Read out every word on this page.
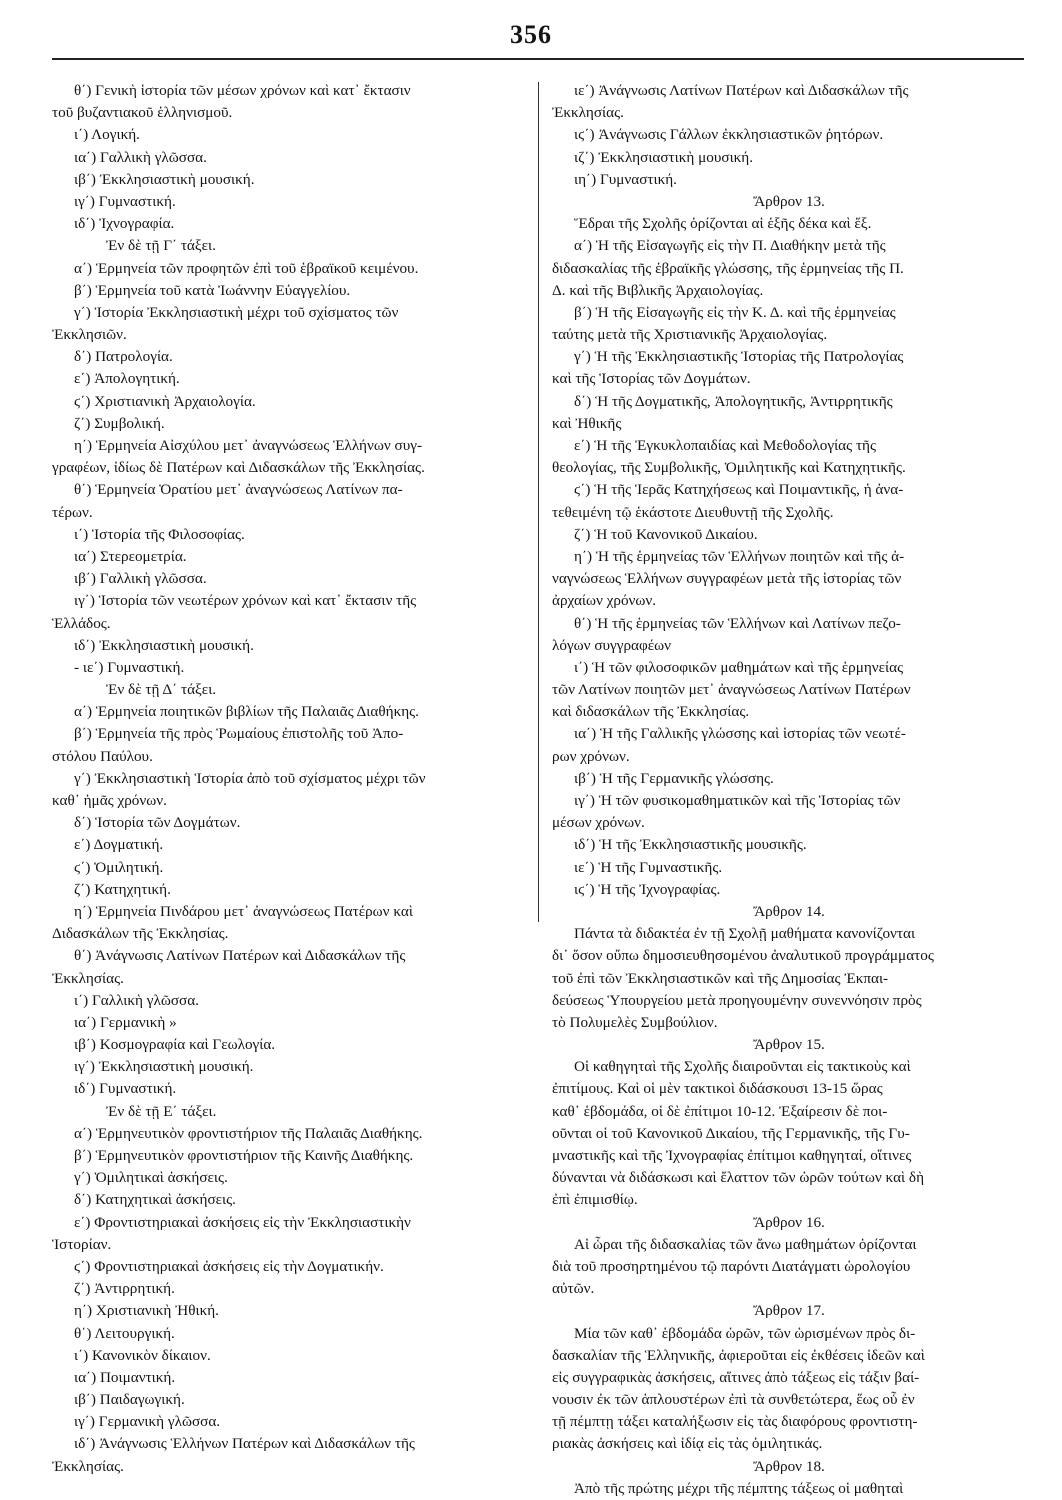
356
θ΄) Γενικὴ ἱστορία τῶν μέσων χρόνων καὶ κατ᾽ ἔκτασιν
τοῦ βυζαντιακοῦ ἑλληνισμοῦ.
ι΄) Λογική.
ια΄) Γαλλικὴ γλῶσσα.
ιβ΄) Ἐκκλησιαστικὴ μουσική.
ιγ΄) Γυμναστική.
ιδ΄) Ἰχνογραφία.
Ἐν δὲ τῇ Γ΄ τάξει.
α΄) Ἑρμηνεία τῶν προφητῶν ἐπὶ τοῦ ἑβραϊκοῦ κειμένου.
β΄) Ἑρμηνεία τοῦ κατὰ Ἰωάννην Εὐαγγελίου.
γ΄) Ἱστορία Ἐκκλησιαστικὴ μέχρι τοῦ σχίσματος τῶν
Ἐκκλησιῶν.
δ΄) Πατρολογία.
ε΄) Ἀπολογητική.
ϛ΄) Χριστιανικὴ Ἀρχαιολογία.
ζ΄) Συμβολική.
η΄) Ἑρμηνεία Αἰσχύλου μετ᾽ ἀναγνώσεως Ἑλλήνων συγ-
γραφέων, ἰδίως δὲ Πατέρων καὶ Διδασκάλων τῆς Ἐκκλησίας.
θ΄) Ἑρμηνεία Ὁρατίου μετ᾽ ἀναγνώσεως Λατίνων πα-
τέρων.
ι΄) Ἱστορία τῆς Φιλοσοφίας.
ια΄) Στερεομετρία.
ιβ΄) Γαλλικὴ γλῶσσα.
ιγ΄) Ἱστορία τῶν νεωτέρων χρόνων καὶ κατ᾽ ἔκτασιν τῆς
Ἑλλάδος.
ιδ΄) Ἐκκλησιαστικὴ μουσική.
- ιε΄) Γυμναστική.
Ἐν δὲ τῇ Δ΄ τάξει.
α΄) Ἑρμηνεία ποιητικῶν βιβλίων τῆς Παλαιᾶς Διαθήκης.
β΄) Ἑρμηνεία τῆς πρὸς Ῥωμαίους ἐπιστολῆς τοῦ Ἀπο-
στόλου Παύλου.
γ΄) Ἐκκλησιαστικὴ Ἱστορία ἀπὸ τοῦ σχίσματος μέχρι τῶν
καθ᾽ ἡμᾶς χρόνων.
δ΄) Ἱστορία τῶν Δογμάτων.
ε΄) Δογματική.
ϛ΄) Ὁμιλητική.
ζ΄) Κατηχητική.
η΄) Ἑρμηνεία Πινδάρου μετ᾽ ἀναγνώσεως Πατέρων καὶ
Διδασκάλων τῆς Ἐκκλησίας.
θ΄) Ἀνάγνωσις Λατίνων Πατέρων καὶ Διδασκάλων τῆς
Ἐκκλησίας.
ι΄) Γαλλικὴ γλῶσσα.
ια΄) Γερμανικὴ »
ιβ΄) Κοσμογραφία καὶ Γεωλογία.
ιγ΄) Ἐκκλησιαστικὴ μουσική.
ιδ΄) Γυμναστική.
Ἐν δὲ τῇ Ε΄ τάξει.
α΄) Ἑρμηνευτικὸν φροντιστήριον τῆς Παλαιᾶς Διαθήκης.
β΄) Ἑρμηνευτικὸν φροντιστήριον τῆς Καινῆς Διαθήκης.
γ΄) Ὁμιλητικαὶ ἀσκήσεις.
δ΄) Κατηχητικαὶ ἀσκήσεις.
ε΄) Φροντιστηριακαὶ ἀσκήσεις εἰς τὴν Ἐκκλησιαστικὴν
Ἱστορίαν.
ϛ΄) Φροντιστηριακαὶ ἀσκήσεις εἰς τὴν Δογματικήν.
ζ΄) Ἀντιρρητική.
η΄) Χριστιανικὴ Ἠθική.
θ΄) Λειτουργική.
ι΄) Κανονικὸν δίκαιον.
ια΄) Ποιμαντική.
ιβ΄) Παιδαγωγική.
ιγ΄) Γερμανικὴ γλῶσσα.
ιδ΄) Ἀνάγνωσις Ἑλλήνων Πατέρων καὶ Διδασκάλων τῆς
Ἐκκλησίας.
ιε΄) Ἀνάγνωσις Λατίνων Πατέρων καὶ Διδασκάλων τῆς
Ἐκκλησίας.
ιϛ΄) Ἀνάγνωσις Γάλλων ἐκκλησιαστικῶν ῥητόρων.
ιζ΄) Ἐκκλησιαστικὴ μουσική.
ιη΄) Γυμναστική.
Ἄρθρον 13.
Ἕδραι τῆς Σχολῆς ὁρίζονται αἱ ἑξῆς δέκα καὶ ἕξ.
α΄) Ἡ τῆς Εἰσαγωγῆς εἰς τὴν Π. Διαθήκην μετὰ τῆς
διδασκαλίας τῆς ἑβραϊκῆς γλώσσης, τῆς ἑρμηνείας τῆς Π.
Δ. καὶ τῆς Βιβλικῆς Ἀρχαιολογίας.
β΄) Ἡ τῆς Εἰσαγωγῆς εἰς τὴν Κ. Δ. καὶ τῆς ἑρμηνείας
ταύτης μετὰ τῆς Χριστιανικῆς Ἀρχαιολογίας.
γ΄) Ἡ τῆς Ἐκκλησιαστικῆς Ἱστορίας τῆς Πατρολογίας
καὶ τῆς Ἱστορίας τῶν Δογμάτων.
δ΄) Ἡ τῆς Δογματικῆς, Ἀπολογητικῆς, Ἀντιρρητικῆς
καὶ Ἠθικῆς
ε΄) Ἡ τῆς Ἐγκυκλοπαιδίας καὶ Μεθοδολογίας τῆς
θεολογίας, τῆς Συμβολικῆς, Ὁμιλητικῆς καὶ Κατηχητικῆς.
ϛ΄) Ἡ τῆς Ἱερᾶς Κατηχήσεως καὶ Ποιμαντικῆς, ἡ ἀνα-
τεθειμένη τῷ ἑκάστοτε Διευθυντῇ τῆς Σχολῆς.
ζ΄) Ἡ τοῦ Κανονικοῦ Δικαίου.
η΄) Ἡ τῆς ἑρμηνείας τῶν Ἑλλήνων ποιητῶν καὶ τῆς ἀ-
ναγνώσεως Ἑλλήνων συγγραφέων μετὰ τῆς ἱστορίας τῶν
ἀρχαίων χρόνων.
θ΄) Ἡ τῆς ἑρμηνείας τῶν Ἑλλήνων καὶ Λατίνων πεζο-
λόγων συγγραφέων
ι΄) Ἡ τῶν φιλοσοφικῶν μαθημάτων καὶ τῆς ἑρμηνείας
τῶν Λατίνων ποιητῶν μετ᾽ ἀναγνώσεως Λατίνων Πατέρων
καὶ διδασκάλων τῆς Ἐκκλησίας.
ια΄) Ἡ τῆς Γαλλικῆς γλώσσης καὶ ἱστορίας τῶν νεωτέ-
ρων χρόνων.
ιβ΄) Ἡ τῆς Γερμανικῆς γλώσσης.
ιγ΄) Ἡ τῶν φυσικομαθηματικῶν καὶ τῆς Ἱστορίας τῶν
μέσων χρόνων.
ιδ΄) Ἡ τῆς Ἐκκλησιαστικῆς μουσικῆς.
ιε΄) Ἡ τῆς Γυμναστικῆς.
ιϛ΄) Ἡ τῆς Ἰχνογραφίας.
Ἄρθρον 14.
Πάντα τὰ διδακτέα ἐν τῇ Σχολῇ μαθήματα κανονίζονται
δι᾽ ὅσον οὔπω δημοσιευθησομένου ἀναλυτικοῦ προγράμματος
τοῦ ἐπὶ τῶν Ἐκκλησιαστικῶν καὶ τῆς Δημοσίας Ἐκπαι-
δεύσεως Ὑπουργείου μετὰ προηγουμένην συνεννόησιν πρὸς
τὸ Πολυμελὲς Συμβούλιον.
Ἄρθρον 15.
Οἱ καθηγηταὶ τῆς Σχολῆς διαιροῦνται εἰς τακτικοὺς καὶ
ἐπιτίμους. Καὶ οἱ μὲν τακτικοὶ διδάσκουσι 13-15 ὥρας
καθ᾽ ἑβδομάδα, οἱ δὲ ἐπίτιμοι 10-12. Ἐξαίρεσιν δὲ ποι-
οῦνται οἱ τοῦ Κανονικοῦ Δικαίου, τῆς Γερμανικῆς, τῆς Γυ-
μναστικῆς καὶ τῆς Ἰχνογραφίας ἐπίτιμοι καθηγηταί, οἵτινες
δύνανται νὰ διδάσκωσι καὶ ἔλαττον τῶν ὡρῶν τούτων καὶ δὴ
ἐπὶ ἐπιμισθίῳ.
Ἄρθρον 16.
Αἱ ὧραι τῆς διδασκαλίας τῶν ἄνω μαθημάτων ὁρίζονται
διὰ τοῦ προσηρτημένου τῷ παρόντι Διατάγματι ὡρολογίου
αὐτῶν.
Ἄρθρον 17.
Μία τῶν καθ᾽ ἑβδομάδα ὡρῶν, τῶν ὡρισμένων πρὸς δι-
δασκαλίαν τῆς Ἑλληνικῆς, ἀφιεροῦται εἰς ἐκθέσεις ἰδεῶν καὶ
εἰς συγγραφικὰς ἀσκήσεις, αἵτινες ἀπὸ τάξεως εἰς τάξιν βαί-
νουσιν ἐκ τῶν ἁπλουστέρων ἐπὶ τὰ συνθετώτερα, ἕως οὗ ἐν
τῇ πέμπτῃ τάξει καταλήξωσιν εἰς τὰς διαφόρους φροντιστη-
ριακὰς ἀσκήσεις καὶ ἰδίᾳ εἰς τὰς ὁμιλητικάς.
Ἄρθρον 18.
Ἀπὸ τῆς πρώτης μέχρι τῆς πέμπτης τάξεως οἱ μαθηταὶ
